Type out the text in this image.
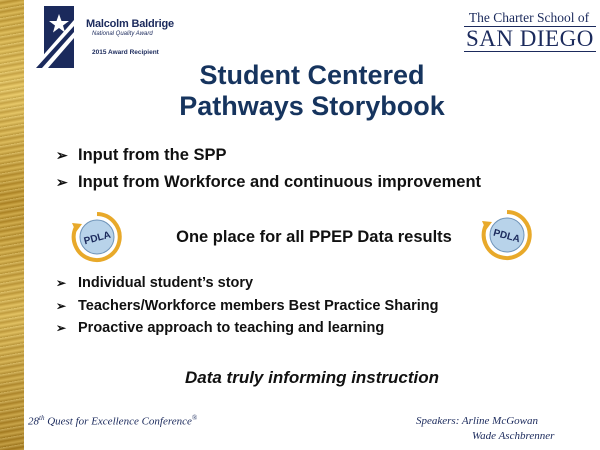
Malcolm Baldrige
National Quality Award
2015 Award Recipient
The Charter School of
SAN DIEGO
Student Centered
Pathways Storybook
➢ Input from the SPP
➢ Input from Workforce and continuous improvement
PDLA	One place for all PPEP Data results	PDLA
➢ Individual student’s story
➢ Teachers/Workforce members Best Practice Sharing
➢ Proactive approach to teaching and learning
Data truly informing instruction
28th Quest for Excellence Conference®	Speakers: Arline McGowan
Wade Aschbrenner
